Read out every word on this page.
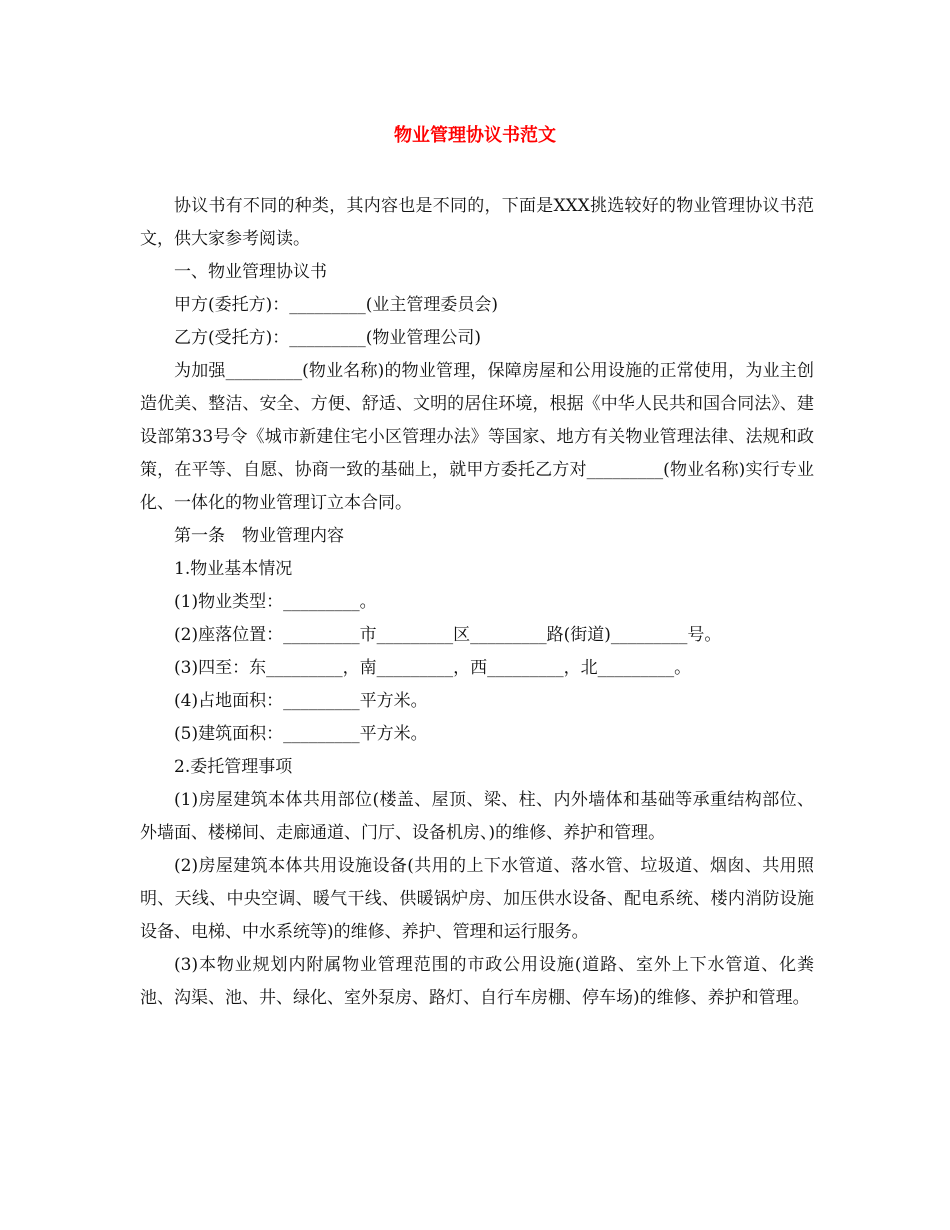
物业管理协议书范文

协议书有不同的种类，其内容也是不同的，下面是XXX挑选较好的物业管理协议书范文，供大家参考阅读。

一、物业管理协议书

甲方(委托方)：_________(业主管理委员会)

乙方(受托方)：_________(物业管理公司)

为加强_________(物业名称)的物业管理，保障房屋和公用设施的正常使用，为业主创造优美、整洁、安全、方便、舒适、文明的居住环境，根据《中华人民共和国合同法》、建设部第33号令《城市新建住宅小区管理办法》等国家、地方有关物业管理法律、法规和政策，在平等、自愿、协商一致的基础上，就甲方委托乙方对_________(物业名称)实行专业化、一体化的物业管理订立本合同。

第一条　物业管理内容

1.物业基本情况

(1)物业类型：_________。

(2)座落位置：_________市_________区_________路(街道)_________号。

(3)四至：东_________，南_________，西_________，北_________。

(4)占地面积：_________平方米。

(5)建筑面积：_________平方米。

2.委托管理事项

(1)房屋建筑本体共用部位(楼盖、屋顶、梁、柱、内外墙体和基础等承重结构部位、外墙面、楼梯间、走廊通道、门厅、设备机房、)的维修、养护和管理。

(2)房屋建筑本体共用设施设备(共用的上下水管道、落水管、垃圾道、烟囱、共用照明、天线、中央空调、暖气干线、供暖锅炉房、加压供水设备、配电系统、楼内消防设施设备、电梯、中水系统等)的维修、养护、管理和运行服务。

(3)本物业规划内附属物业管理范围的市政公用设施(道路、室外上下水管道、化粪池、沟渠、池、井、绿化、室外泵房、路灯、自行车房棚、停车场)的维修、养护和管理。
